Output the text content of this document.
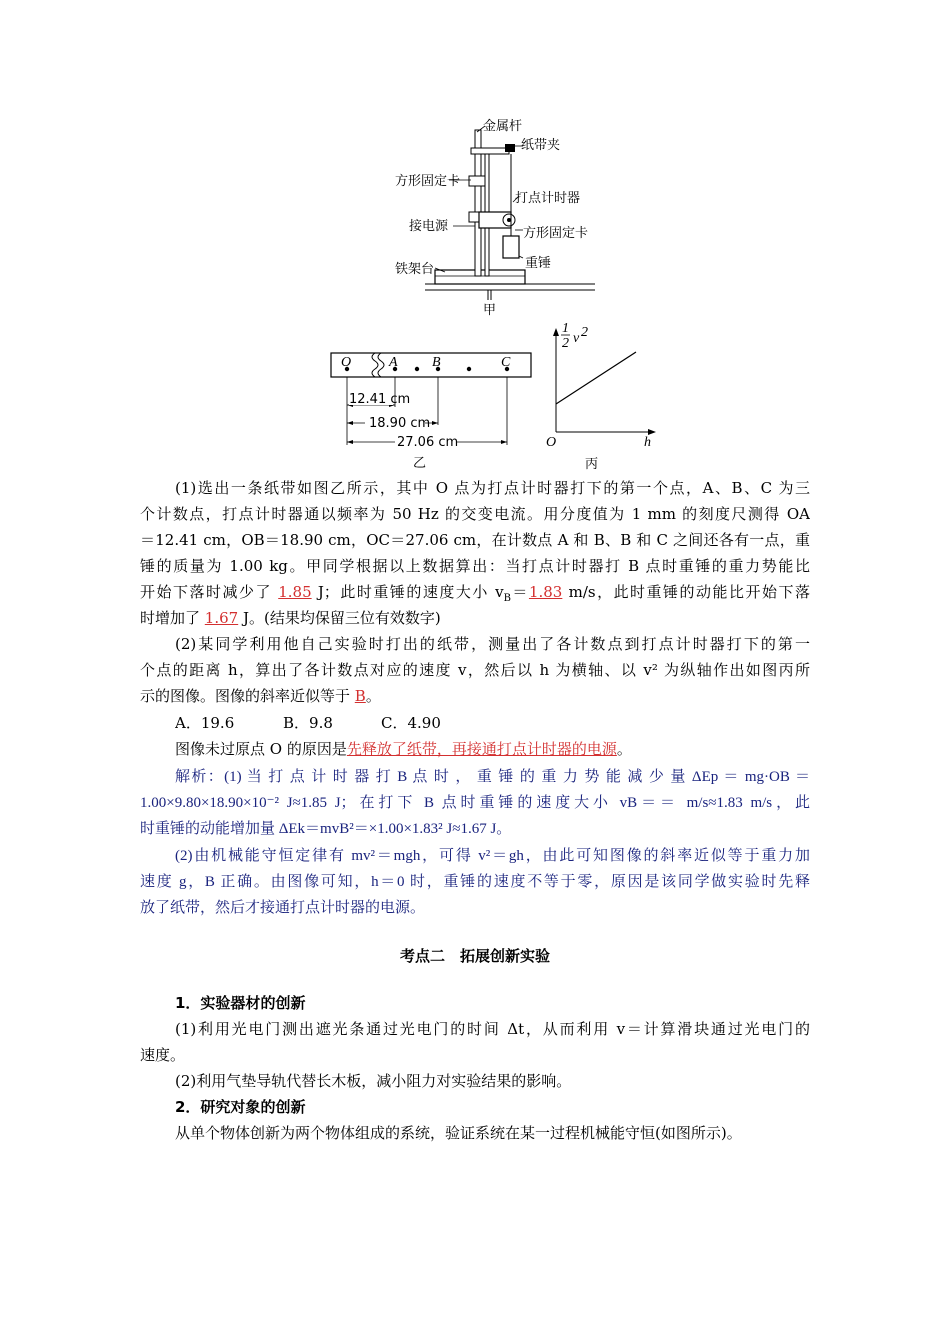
金属杆
纸带夹
方形固定卡
打点计时器
接电源	方形固定卡
重锤
铁架台
甲
O	A B	C
12.41 cm
18.90 cm
27.06 cm
乙
1
2 v 2
O	h
丙
(1)选出一条纸带如图乙所示，其中 O 点为打点计时器打下的第一个点，A、B、C 为三
个计数点，打点计时器通以频率为 50 Hz 的交变电流。用分度值为 1 mm 的刻度尺测得 OA
＝12.41 cm，OB＝18.90 cm，OC＝27.06 cm，在计数点 A 和 B、B 和 C 之间还各有一点，重
锤的质量为 1.00 kg。甲同学根据以上数据算出：当打点计时器打 B 点时重锤的重力势能比
开始下落时减少了 1.85 J；此时重锤的速度大小 $v_B=1.83$ m/s，此时重锤的动能比开始下落
时增加了 1.67 J。(结果均保留三位有效数字)
(2)某同学利用他自己实验时打出的纸带，测量出了各计数点到打点计时器打下的第一
个点的距离 h，算出了各计数点对应的速度 v，然后以 h 为横轴、以 v² 为纵轴作出如图丙所
示的图像。图像的斜率近似等于 B。
A．19.6	B．9.8	C．4.90
图像未过原点 O 的原因是先释放了纸带，再接通打点计时器的电源。
解析：(1) 当 打 点 计 时 器 打 B 点 时 ， 重 锤 的 重 力 势 能 减 少 量 ΔEp ＝ mg·OB ＝
1.00×9.80×18.90×10⁻² J≈1.85 J；在打下 B 点时重锤的速度大小 vB＝＝ m/s≈1.83 m/s，此
时重锤的动能增加量 ΔEk＝mvB²＝×1.00×1.83² J≈1.67 J。
(2)由机械能守恒定律有 mv²＝mgh，可得 v²＝gh，由此可知图像的斜率近似等于重力加
速度 g，B 正确。由图像可知，h＝0 时，重锤的速度不等于零，原因是该同学做实验时先释
放了纸带，然后才接通打点计时器的电源。
考点二　拓展创新实验
1．实验器材的创新
(1)利用光电门测出遮光条通过光电门的时间 Δt，从而利用 v＝计算滑块通过光电门的
速度。
(2)利用气垫导轨代替长木板，减小阻力对实验结果的影响。
2．研究对象的创新
从单个物体创新为两个物体组成的系统，验证系统在某一过程机械能守恒(如图所示)。
